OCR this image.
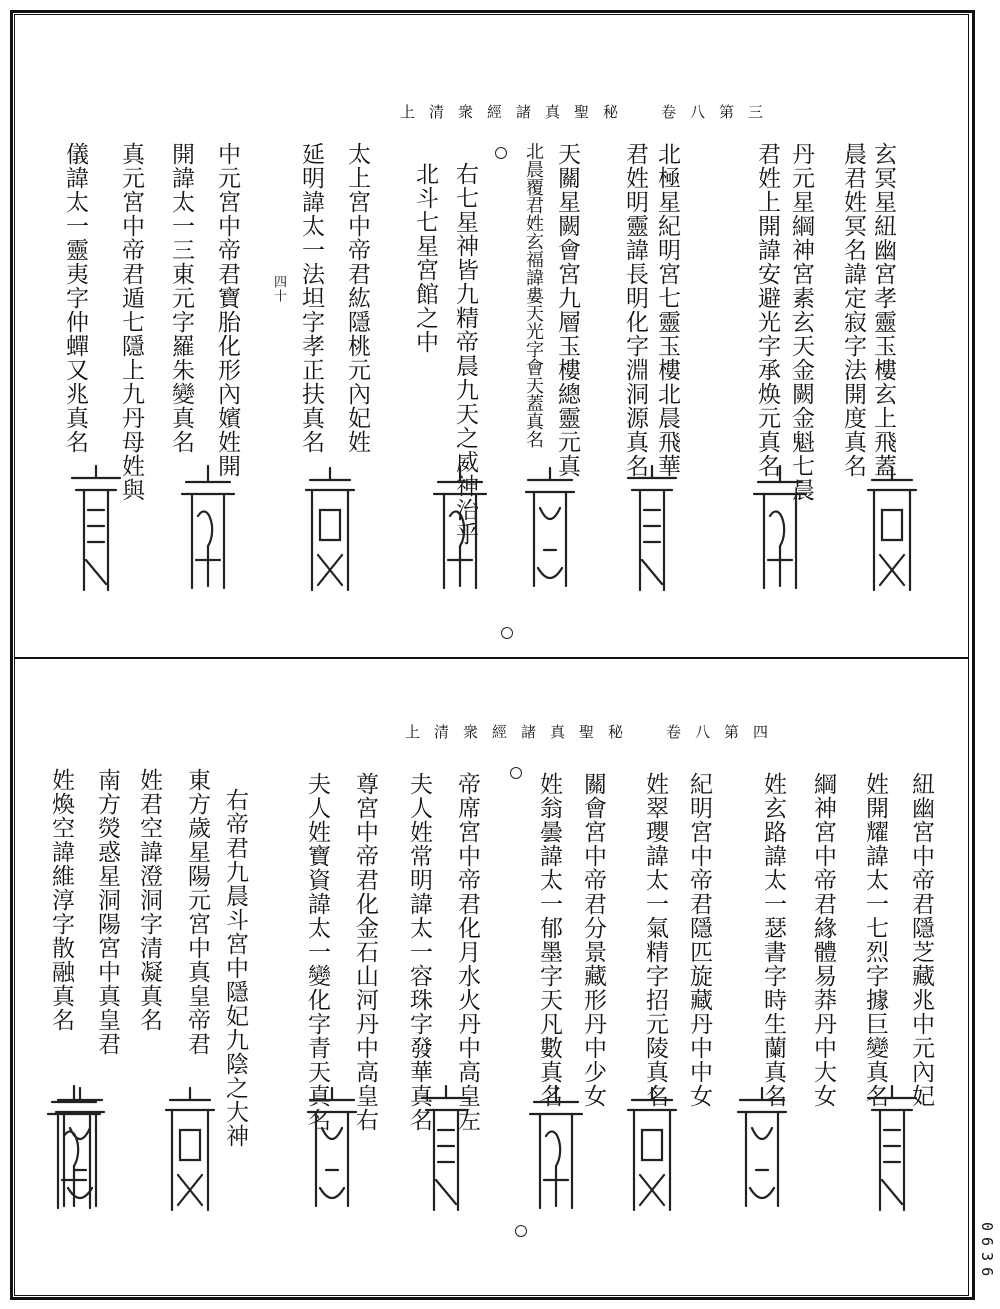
上清衆經諸真聖秘　卷八第三
四十
上清衆經諸真聖秘　卷八第四
玄冥星紐幽宮孝靈玉樓玄上飛蓋
晨君姓冥名諱定寂字法開度真名
丹元星綱神宮素玄天金闕金魁七晨
君姓上開諱安避光字承焕元真名
北極星紀明宮七靈玉樓北晨飛華
君姓明靈諱長明化字淵洞源真名
天關星闕會宮九層玉樓總靈元真
北晨覆君姓玄福諱婁天光字會天蓋真名
右七星神皆九精帝晨九天之威神治乎
北斗七星宮館之中
太上宮中帝君紘隱桃元內妃姓
延明諱太一法坦字孝正扶真名
中元宮中帝君寶胎化形內嬪姓開
開諱太一三東元字羅朱變真名
真元宮中帝君遁七隱上九丹母姓與
儀諱太一靈夷字仲蟬又兆真名
紐幽宮中帝君隱芝藏兆中元內妃
姓開耀諱太一七烈字據巨變真名
綱神宮中帝君緣體易莽丹中大女
姓玄路諱太一瑟書字時生蘭真名
紀明宮中帝君隱匹旋藏丹中中女
姓翠瓔諱太一氣精字招元陵真名
關會宮中帝君分景藏形丹中少女
姓翁曇諱太一郁墨字天凡數真名
帝席宮中帝君化月水火丹中高皇左
夫人姓常明諱太一容珠字發華真名
尊宮中帝君化金石山河丹中高皇右
夫人姓寶資諱太一變化字青天真名
右帝君九晨斗宮中隱妃九陰之大神
東方歲星陽元宮中真皇帝君
姓君空諱澄洞字清凝真名
南方熒惑星洞陽宮中真皇君
姓煥空諱維淳字散融真名
0636
